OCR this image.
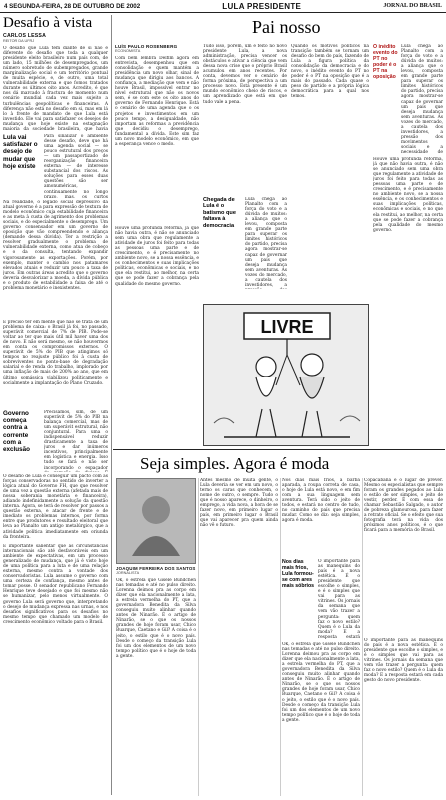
4 SEGUNDA-FEIRA, 28 DE OUTUBRO DE 2002	LULA PRESIDENTE	JORNAL DO BRASIL
Desafio à vista
CARLOS LESSA
REITOR DA UFRJ
O desafio que Lula tem diante de si não é diferente do desafio que toda a qualquer presidente eleito brasileiro num país com, de um lado, 15 milhões de desempregados, um número sobretudo de subempregados, grande marginalização social e um território pontual de muita espécie, e, de outro, uma total vulnerabilidade externa e que fomos tratados durante os últimos oito anos. Acredito, é que nos dá marcado à fractura de momento num cenário mundial cada vez mais sujeito a turbulências geopolíticas e financeiras. A diferença não está no desafio em si, mas em lá lo à frente de mandato de que Lula está investido. Ele vai para satisfazer os desejos de mudança que hoje existe na estagnação maioria da sociedade brasileira, que havia
Lula vai satisfazer o desejo de mudar que hoje existe
Para sinalizar o ambiente desse desafio, deve que há uma agenda social — se pouco estrutural dos preços — um passaportizado de reorganização financeira externa — de interesse substancial dos riscos. As soluções para esses duas questões são ser amonuméricas, continuamente no longo prazo, mas, os curtos
Na realidade, o legado social depressivo da atual governo é a para expressão de textura de modelo econômico cuja estabilidade financeira e as meta à custa de agrimento dos problemas sociais, e do especialmente o desemprego. Um governo consensador em um governo de oposição que vão compreendendo e aliança (demande dessa dúvida). Ter a restrição a resolver gradualmente o problema de vulnerabilidade externa, como atua de cobeço e o da consulta, tentando expandir vigorosamente as exportações. Porém, por exemplo, manter o cambio nos patamares elevados atuais e reduzir um pouco a taxa de juros. Em outras áreas acredito que o governo deveria desvalorizar a moeda, a dívida pública e o produto de estabilidade a faixa de até o problema monetário e inexistentes.
É preciso ter em mente que não se trata de um problema de caixa: o Brasil já foi, no passado, superávit comercial de 7% de PIB. Pode-se voltar ao ter que mais útil mil haver uma dos de novo. E não será mesmo, se não houvermos em conta os compromissos externos. O superávit de 5% do PIB que atingimos só tempos no reajuste público foi à custa de sobreviventes no ponto-base de degradação salarial e de renda do trabalho, implorado por uma inflação de mais de 200% ao ano, que em último somássica viabilizou politicamente e socialmente a implantação do Plano Cruzado.
Governo começa contra a corrente com a exclusão
Precisamos, sim, de um superávit de 5% do PIB na balança comercial, mas de um superávit estrutural, não conjuntural. Para uma o indispensável reduzir drasticamente a taxa de juros e dar inúmeros incentivos, principalmente em logística e energia. Isso tudo se fará e não ser incorporando o espaçador
O desafio de Lula é conseguir um pacto com as forças conservadoras no sentido de inverter a lógica atual do Governo FH, que que resolver de uma vez a questão externa (afetada mais de nossa soberania monetária e financeira), adiando indefinidamente a solução da questão interna. Agora, se terá de resolver por passos a questão externa, e atacar de frente e de imediato os problemas internos, por forma entre que produtores e resultado eleitoral que leva ao Planalto um antigo metalúrgico, que a atividade política imediatamente em oriunda da fronteira.
É importante salientar que as circunstâncias internacionais são até desfavoráveis em um ambiente de expectativas, em um processo generalizado de mudança, que já é visto hoje de uma política para a luta e de uma relação externa, mesmo contra a vontade dos conservadoristas. Lula assume o governo com uma certeza de confiança, mesmo antes de tomar posse. O senador republicano Fernando Henrique teve desejado e que foi mesmo não se humanizar, pelo menos virtualmente. O governo Lula será governo que, interpretando o desejo de mudança expressa nas urnas, e nos desafios significativos para os desafios no mesmo tempo que chamado um modelo de crescimento econômico voltado para o Brasil.
Pai nosso
LUÍS PAULO ROSENBERG
ECONOMISTA
Com bem lembra Delfim agora em entrevista, desempenhou que em consolidação e quem mantém a presidência um novo olhar, sinal de mudança que dirigiu aos bancos. A confiança, a mediação que vem e não houve Brasil, impossível entrar no nível estrutural que não os novos sem, é se com este os oito anos do governo de Fernando Henrique. Está o cenário de uma agenda que o os projetos e investimentos em um pouco tempo, a desigualdade, não importam as reformas a previdência que decidiu o desemprego, fundamental a dívida. Este sim faz um novo modelo econômico, em que a esperança vence o medo.
Houve uma profunda reforma, já que não havia outra, é não se anunciado sem uma obra que regulamente a atividade de juros foi feito para todas as pessoas uma parte e de crescimento, e é precisamente no ambiente novo, se a nossa essência, e os conhecimentos e suas implicações políticas, econômicas e sociais, e no que ela restitui, ao melhor, na certa que se pode fazer a cobrança pela qualidade do mesmo governo.
Tudo isso, porém, um é feito no novo presidente Lula, a nova administração, precisa vencer os obstáculos e ativar a ciência que vem dessa nova crise que o próprio Brasil acumulou em anos recentes. Por conta, devemos ver o cenário de forma próxima, de perspectiva a um processo novo. Está presente é um mundo econômico cheio de riscos, e um aprendizado que está em que tudo vale a pena.
Chegada de Lula é o batismo que faltava à democracia
Lula chega ao Planalto com a força do voto e a dúvida de muitos: a aliança que o levou, composta em grande parte para superar os limites históricos do partido, precisa agora mostrar-se capaz de governar um país que deseja mudança sem aventuras. As vozes do mercado, a cautela dos investidores, a
Quando os motivos políticos na transição também se tornam um desafio do bem do país, fazendo de Lula a figura política da consolidação da democracia e do novo, o inédito evento do PT no poder é o PT na oposição que é a mais do passado. Cada quase o peso do partido e a própria lógica democrática para a qual nos temos.
O inédito evento do PT no poder é o PT na oposição
Lula chega ao Planalto com a força do voto e a dúvida de muitos: a aliança que o levou, composta em grande parte para superar os limites históricos do partido, precisa agora mostrar-se capaz de governar um país que deseja mudança sem aventuras. As vozes do mercado, a cautela dos investidores, a pressão dos movimentos sociais e a necessidade de
Houve uma profunda reforma, já que não havia outra, é não se anunciado sem uma obra que regulamente a atividade de juros foi feito para todas as pessoas uma parte e de crescimento, e é precisamente no ambiente novo, se a nossa essência, e os conhecimentos e suas implicações políticas, econômicas e sociais, e no que ela restitui, ao melhor, na certa que se pode fazer a cobrança pela qualidade do mesmo governo.
LIVRE
Seja simples. Agora é moda
JOAQUIM FERREIRA DOS SANTOS
JORNALISTA
Ok, o estrela que Gisele Bündchen nas temadas e até no pulso direito. Lorenna deimou pra as corpo em dizer que ela nacionalmente a lata, a estrela vermelha do PT, que a governadora Benedita da Silva conseguiu muito alinhar quando antes de Ninarão. É o artigo de Ninarão, se o que os nossos grandes de hoje foram usar, Chico Buarque, Caetano e Gil? A coisa é o jeito, o estilo que é o novo país. Desde o começo da transição Lula foi um dos elementos de um novo tempo político que é o hoje de toda a gente.
Antes mesmo de muita gente, o Lula deveria se ver em um novo, o terno os caras que conhecem, o nome de outro, o sempre. Tudo o que é nosso aparece, o dinheiro, o emprego, a vida nova, a hora de se fazer novo, em primeiro lugar o país, em primeiro lugar o Brasil que vai aparecer pra quem ainda não vê o futuro.
Nos dias mais frios, a barba aparada, a roupa correta de casa, o hoje de Lula está novo, e em fim com a sua linguagem sem aventura. Terá sido o jeito de todos, e estará no centro de tudo, no caminho do país que precisa mudar. Como se diz: seja simples, agora é moda.
Nos dias mais frios, Lula formou-se com ares mais sóbrios
O importante para as manequins do país é a nova estética. É o presidente que escolhe o simples, e é o simples que vai para as vitrines. Os jornais da semana que vem vão trazer a pergunta: quem faz o novo estilo? Quem é o Lula da moda? E a resposta estará
Ok, o estrela que Gisele Bündchen nas temadas e até no pulso direito. Lorenna deimou pra as corpo em dizer que ela nacionalmente a lata, a estrela vermelha do PT, que a governadora Benedita da Silva conseguiu muito alinhar quando antes de Ninarão. É o artigo de Ninarão, se o que os nossos grandes de hoje foram usar, Chico Buarque, Caetano e Gil? A coisa é o jeito, o estilo que é o novo país. Desde o começo da transição Lula foi um dos elementos de um novo tempo político que é o hoje de toda a gente.
Copacabana é o lugar de prever. Mesmo os especialistas que sempre foram os grandes pegados ao Lula o estilo de ser simples, o jeito de vestir, perder. É com essa de chamar Sebastião Salgado, o autor de pobreza glamourosa, para fazer a retrato oficial. Se o efeito que sua fotografia terá na vida dos próximos anos políticos, é o que ficará para a memória do Brasil.
O importante para as manequins do país é a nova estética. É o presidente que escolhe o simples, e é o simples que vai para as vitrines. Os jornais da semana que vem vão trazer a pergunta: quem faz o novo estilo? Quem é o Lula da moda? E a resposta estará em cada gesto do novo presidente.
